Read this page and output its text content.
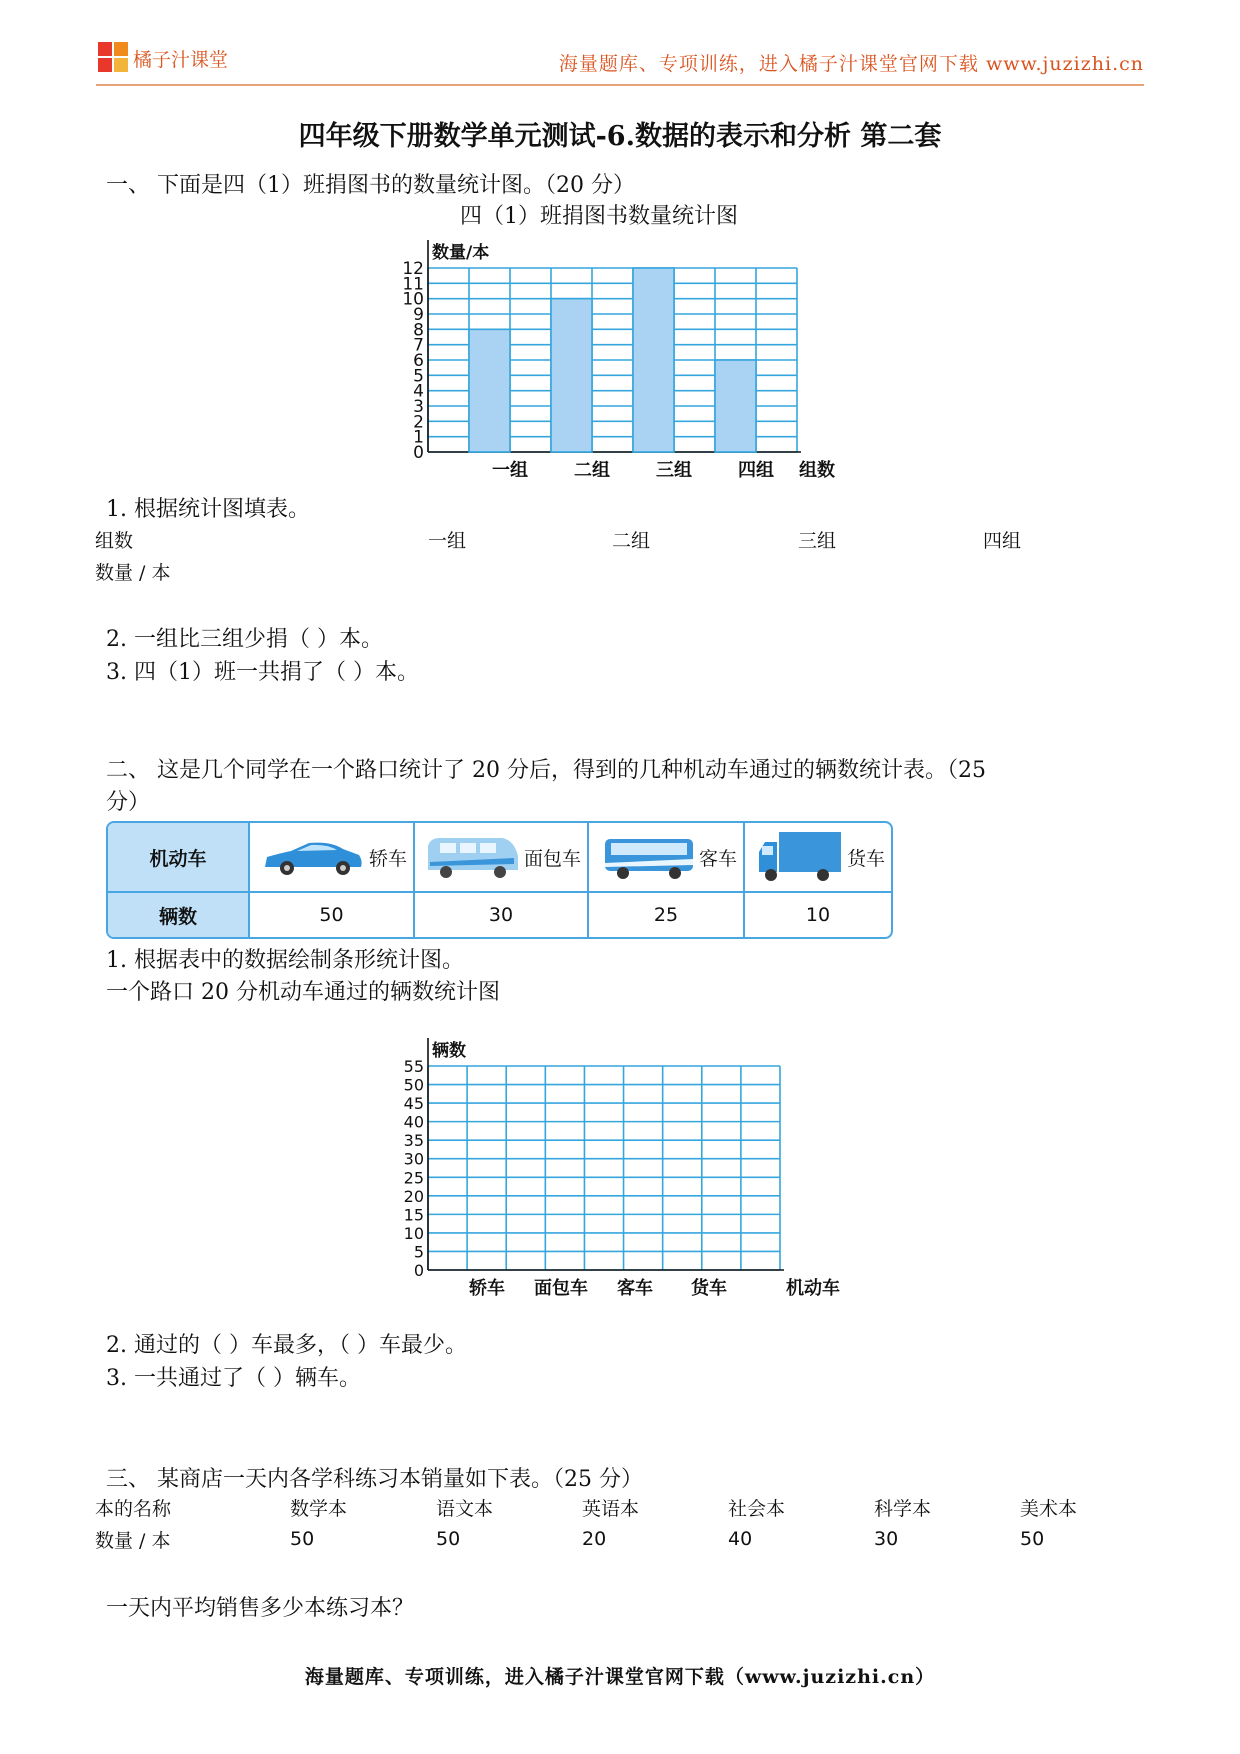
橘子汁课堂	海量题库、专项训练，进入橘子汁课堂官网下载 www.juzizhi.cn
四年级下册数学单元测试-6.数据的表示和分析 第二套
一、 下面是四（1）班捐图书的数量统计图。（20 分）
四（1）班捐图书数量统计图
0
1
2
3
4
5
6
7
8
9
10
11
12
数量/本
一组	二组	三组	四组 组数
1. 根据统计图填表。
组数	一组	二组	三组	四组
数量 / 本
2. 一组比三组少捐（ ）本。
3. 四（1）班一共捐了（ ）本。
二、 这是几个同学在一个路口统计了 20 分后，得到的几种机动车通过的辆数统计表。（25
分）
机动车	轿车	面包车	客车	货车
辆数	50	30	25	10
1. 根据表中的数据绘制条形统计图。
一个路口 20 分机动车通过的辆数统计图
0
5
10
15
20
25
30
35
40
45
50
55
辆数
轿车 面包车 客车 货车	机动车
2. 通过的（ ）车最多，（ ）车最少。
3. 一共通过了（ ）辆车。
三、 某商店一天内各学科练习本销量如下表。（25 分）
本的名称	数学本	语文本	英语本	社会本	科学本	美术本
数量 / 本	50	50	20	40	30	50
一天内平均销售多少本练习本？
海量题库、专项训练，进入橘子汁课堂官网下载（www.juzizhi.cn）
